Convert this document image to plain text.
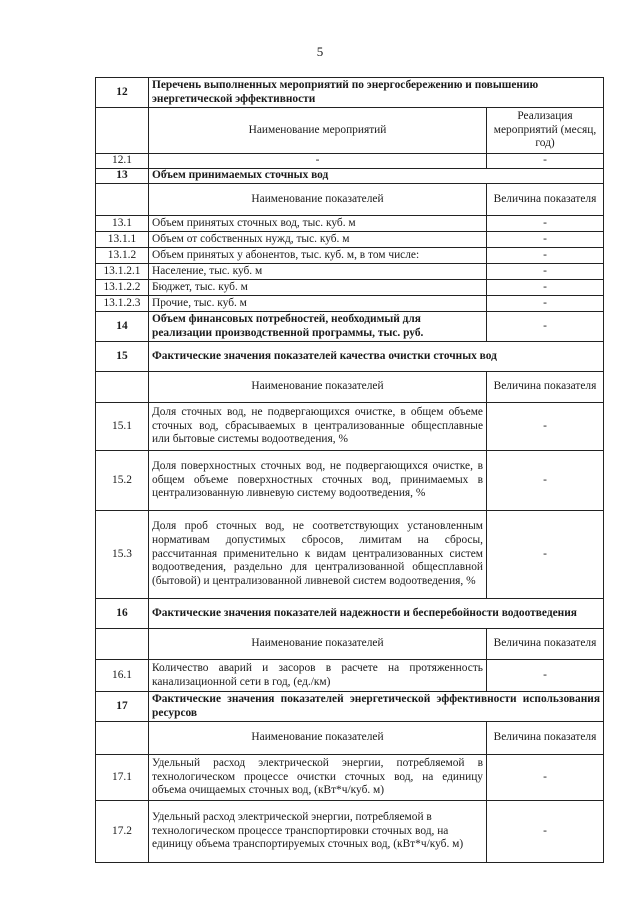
5
12	Перечень выполненных мероприятий по энергосбережению и повышению энергетической эффективности	
	Наименование мероприятий	Реализация мероприятий (месяц, год)
12.1	-	-
13	Объем принимаемых сточных вод	
	Наименование показателей	Величина показателя
13.1	Объем принятых сточных вод, тыс. куб. м	-
13.1.1	Объем от собственных нужд, тыс. куб. м	-
13.1.2	Объем принятых у абонентов, тыс. куб. м, в том числе:	-
13.1.2.1	Население, тыс. куб. м	-
13.1.2.2	Бюджет, тыс. куб. м	-
13.1.2.3	Прочие, тыс. куб. м	-
14	Объем финансовых потребностей, необходимый для реализации производственной программы, тыс. руб.	-
15	Фактические значения показателей качества очистки сточных вод	
	Наименование показателей	Величина показателя
15.1	Доля сточных вод, не подвергающихся очистке, в общем объеме сточных вод, сбрасываемых в централизованные общесплавные или бытовые системы водоотведения, %	-
15.2	Доля поверхностных сточных вод, не подвергающихся очистке, в общем объеме поверхностных сточных вод, принимаемых в централизованную ливневую систему водоотведения, %	-
15.3	Доля проб сточных вод, не соответствующих установленным нормативам допустимых сбросов, лимитам на сбросы, рассчитанная применительно к видам централизованных систем водоотведения, раздельно для централизованной общесплавной (бытовой) и централизованной ливневой систем водоотведения, %	-
16	Фактические значения показателей надежности и бесперебойности водоотведения	
	Наименование показателей	Величина показателя
16.1	Количество аварий и засоров в расчете на протяженность канализационной сети в год, (ед./км)	-
17	Фактические значения показателей энергетической эффективности использования ресурсов	
	Наименование показателей	Величина показателя
17.1	Удельный расход электрической энергии, потребляемой в технологическом процессе очистки сточных вод, на единицу объема очищаемых сточных вод, (кВт*ч/куб. м)	-
17.2	Удельный расход электрической энергии, потребляемой в технологическом процессе транспортировки сточных вод, на единицу объема транспортируемых сточных вод, (кВт*ч/куб. м)	-
